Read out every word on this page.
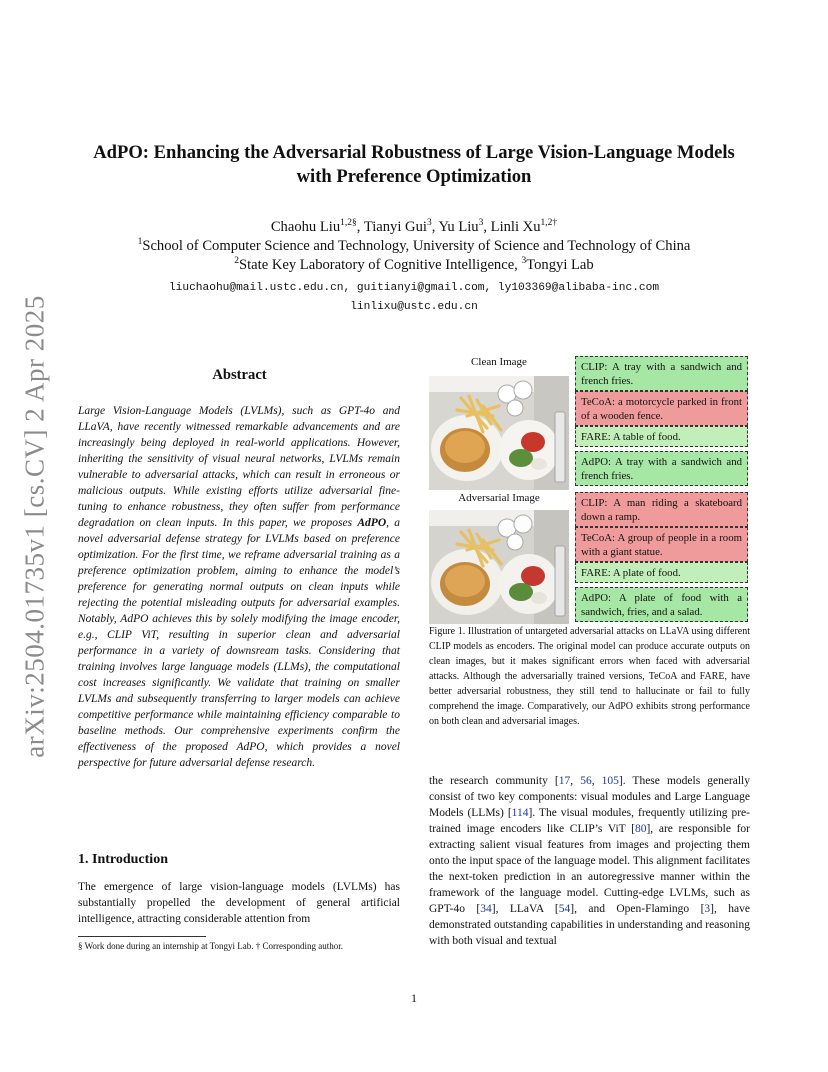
arXiv:2504.01735v1 [cs.CV] 2 Apr 2025
AdPO: Enhancing the Adversarial Robustness of Large Vision-Language Models
with Preference Optimization
Chaohu Liu$^{1,2\S}$, Tianyi Gui$^3$, Yu Liu$^3$, Linli $Xu^{1,2\dagger}$
$^1$School of Computer Science and Technology, University of Science and Technology of China
$^2$State Key Laboratory of Cognitive Intelligence, $^3$Tongyi Lab
liuchaohu@mail.ustc.edu.cn, guitianyi@gmail.com, ly103369@alibaba-inc.com
linlixu@ustc.edu.cn
Abstract
Large Vision-Language Models (LVLMs), such as GPT-4o and LLaVA, have recently witnessed remarkable advancements and are increasingly being deployed in real-world applications. However, inheriting the sensitivity of visual neural networks, LVLMs remain vulnerable to adversarial attacks, which can result in erroneous or malicious outputs. While existing efforts utilize adversarial fine-tuning to enhance robustness, they often suffer from performance degradation on clean inputs. In this paper, we proposes AdPO, a novel adversarial defense strategy for LVLMs based on preference optimization. For the first time, we reframe adversarial training as a preference optimization problem, aiming to enhance the model’s preference for generating normal outputs on clean inputs while rejecting the potential misleading outputs for adversarial examples. Notably, AdPO achieves this by solely modifying the image encoder, e.g., CLIP ViT, resulting in superior clean and adversarial performance in a variety of downsream tasks. Considering that training involves large language models (LLMs), the computational cost increases significantly. We validate that training on smaller LVLMs and subsequently transferring to larger models can achieve competitive performance while maintaining efficiency comparable to baseline methods. Our comprehensive experiments confirm the effectiveness of the proposed AdPO, which provides a novel perspective for future adversarial defense research.
1. Introduction
The emergence of large vision-language models (LVLMs) has substantially propelled the development of general artificial intelligence, attracting considerable attention from
§ Work done during an internship at Tongyi Lab. † Corresponding author.
Clean Image	CLIP: A tray with a sandwich and french fries.
TeCoA: a motorcycle parked in front of a wooden fence.
FARE: A table of food.
AdPO: A tray with a sandwich and french fries.
Adversarial Image	CLIP: A man riding a skateboard down a ramp.
TeCoA: A group of people in a room with a giant statue.
FARE: A plate of food.
AdPO: A plate of food with a sandwich, fries, and a salad.
Figure 1. Illustration of untargeted adversarial attacks on LLaVA using different CLIP models as encoders. The original model can produce accurate outputs on clean images, but it makes significant errors when faced with adversarial attacks. Although the adversarially trained versions, TeCoA and FARE, have better adversarial robustness, they still tend to hallucinate or fail to fully comprehend the image. Comparatively, our AdPO exhibits strong performance on both clean and adversarial images.
the research community [17, 56, 105]. These models generally consist of two key components: visual modules and Large Language Models (LLMs) [114]. The visual modules, frequently utilizing pre-trained image encoders like CLIP’s ViT [80], are responsible for extracting salient visual features from images and projecting them onto the input space of the language model. This alignment facilitates the next-token prediction in an autoregressive manner within the framework of the language model. Cutting-edge LVLMs, such as GPT-4o [34], LLaVA [54], and Open-Flamingo [3], have demonstrated outstanding capabilities in understanding and reasoning with both visual and textual
1
